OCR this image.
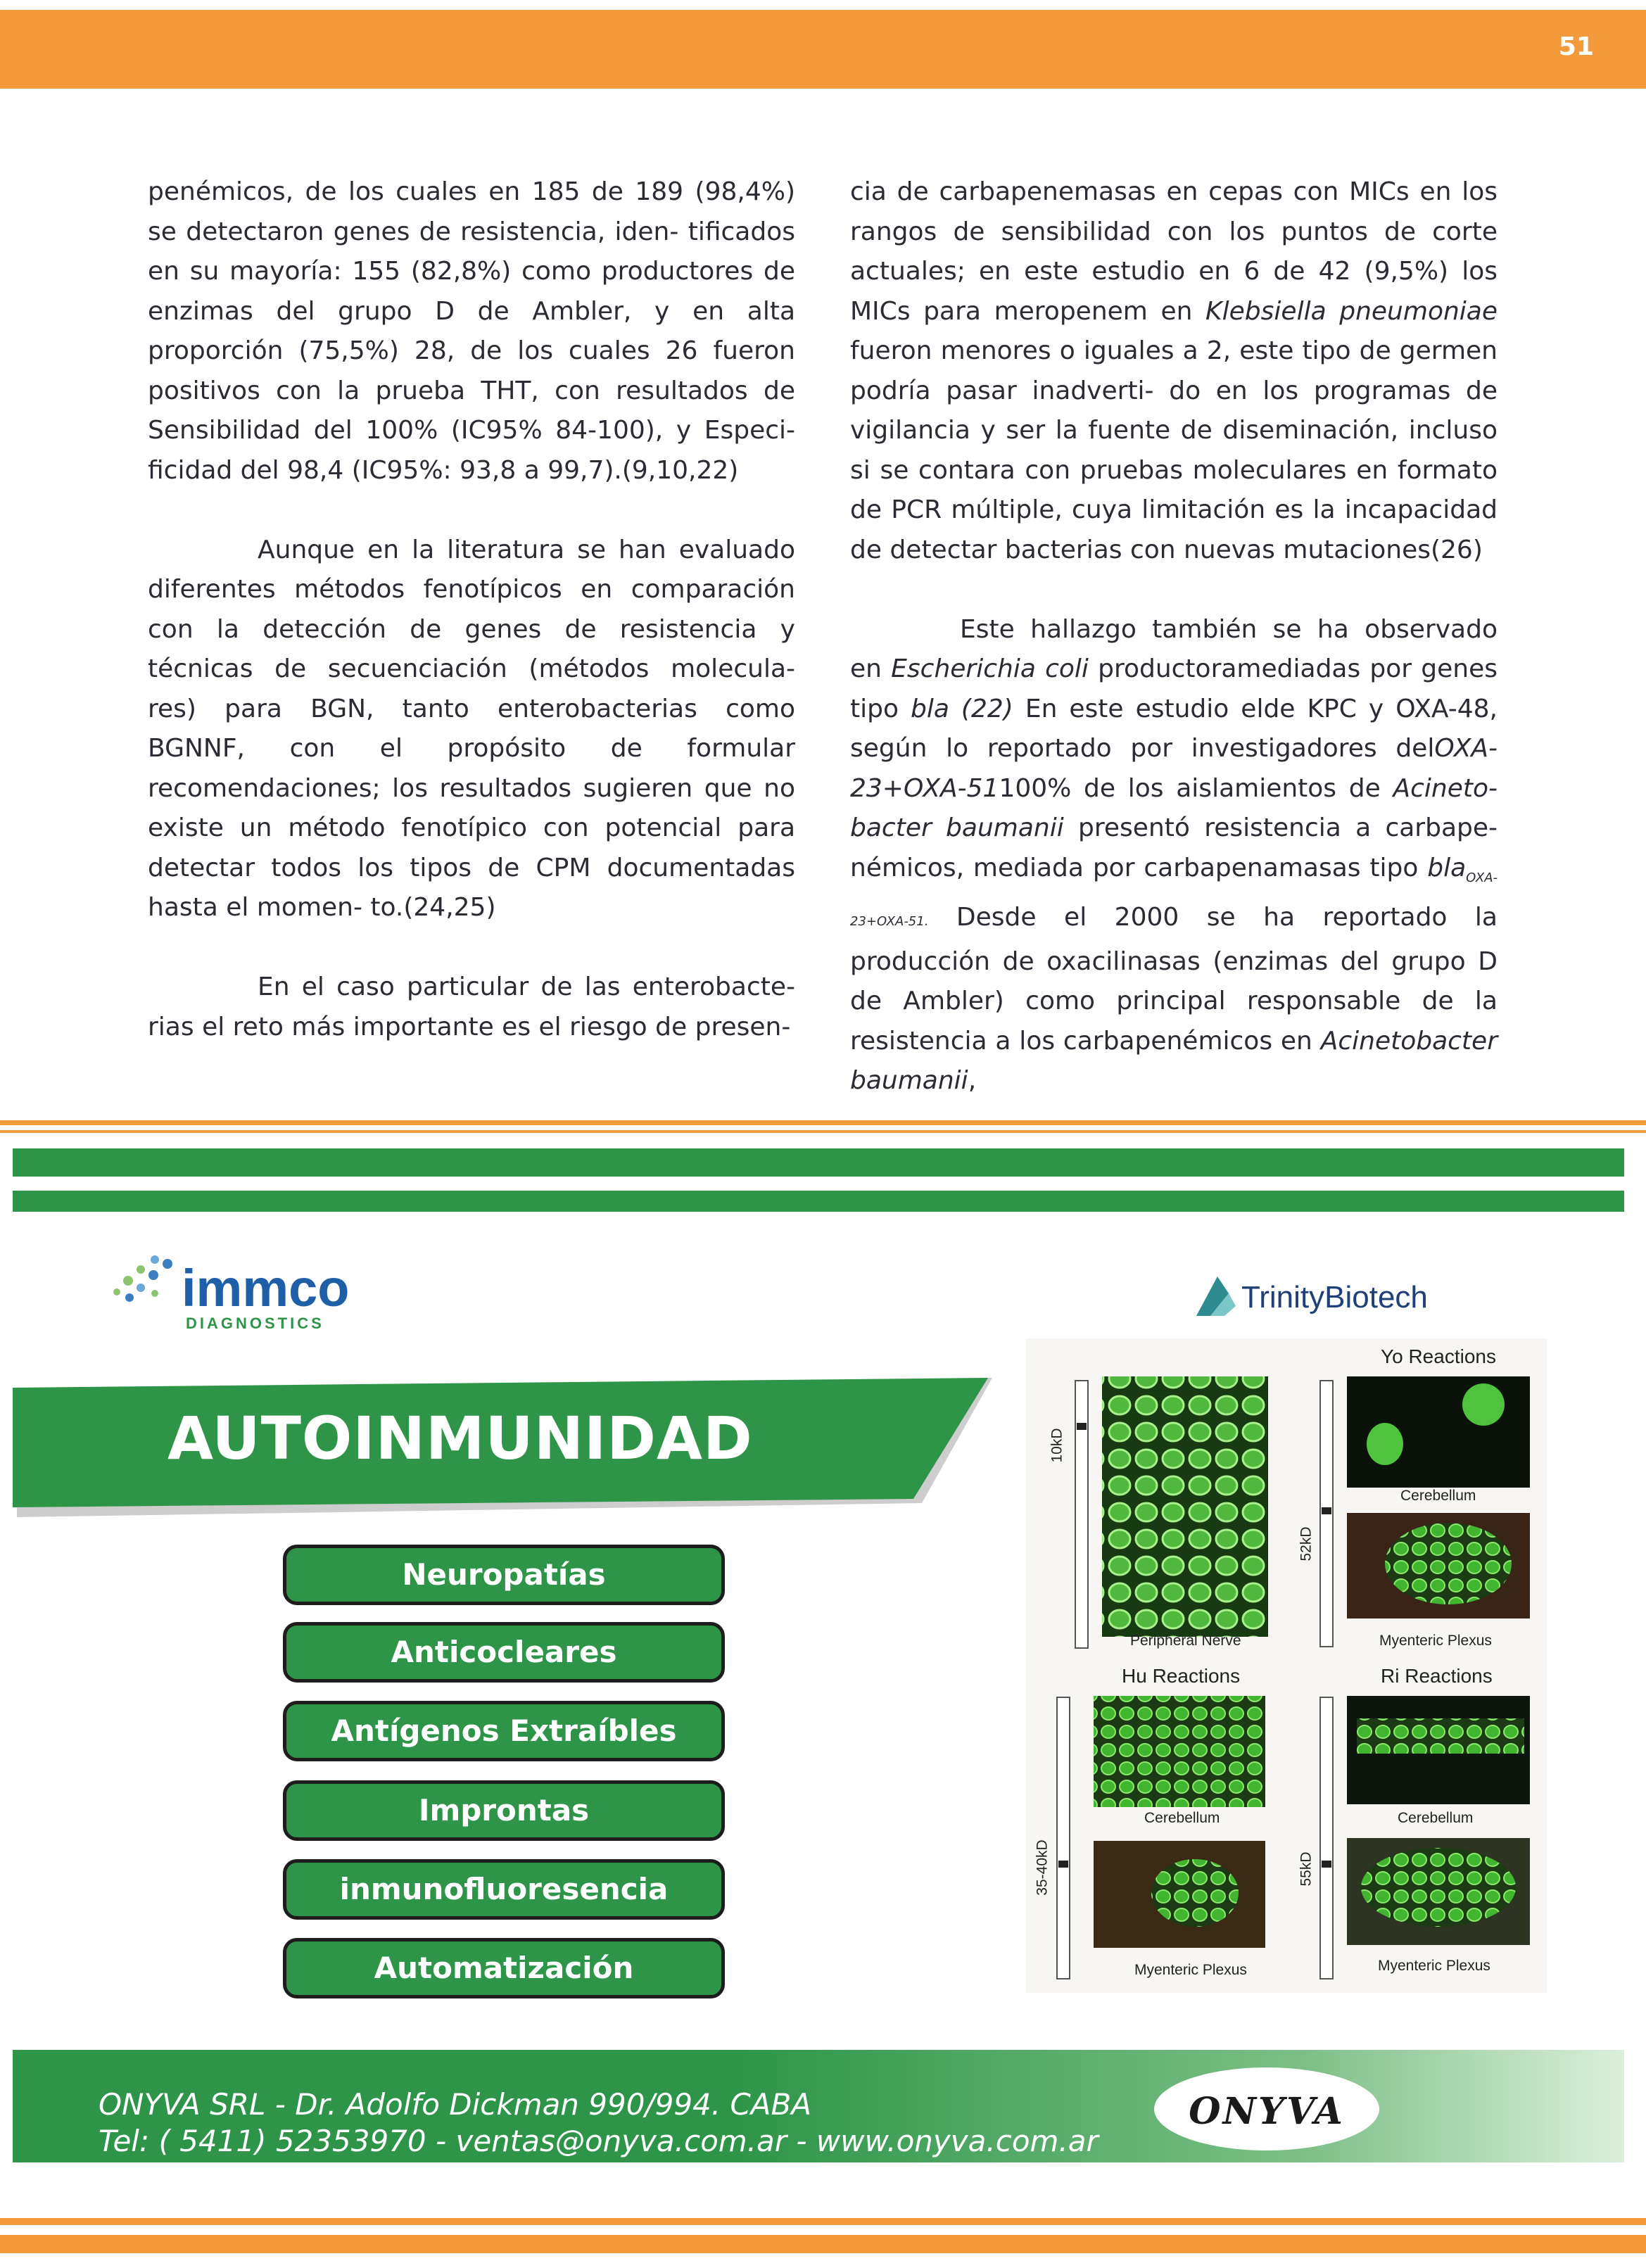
51

penémicos, de los cuales en 185 de 189 (98,4%) se detectaron genes de resistencia, iden- tificados en su mayoría: 155 (82,8%) como productores de enzimas del grupo D de Ambler, y en alta proporción (75,5%) 28, de los cuales 26 fueron positivos con la prueba THT, con resultados de Sensibilidad del 100% (IC95% 84-100), y Especi- ficidad del 98,4 (IC95%: 93,8 a 99,7).(9,10,22)

Aunque en la literatura se han evaluado diferentes métodos fenotípicos en comparación con la detección de genes de resistencia y técnicas de secuenciación (métodos molecula- res) para BGN, tanto enterobacterias como BGNNF, con el propósito de formular recomendaciones; los resultados sugieren que no existe un método fenotípico con potencial para detectar todos los tipos de CPM documentadas hasta el momen- to.(24,25)

En el caso particular de las enterobacte- rias el reto más importante es el riesgo de presen-

cia de carbapenemasas en cepas con MICs en los rangos de sensibilidad con los puntos de corte actuales; en este estudio en 6 de 42 (9,5%) los MICs para meropenem en Klebsiella pneumoniae fueron menores o iguales a 2, este tipo de germen podría pasar inadverti- do en los programas de vigilancia y ser la fuente de diseminación, incluso si se contara con pruebas moleculares en formato de PCR múltiple, cuya limitación es la incapacidad de detectar bacterias con nuevas mutaciones(26)

Este hallazgo también se ha observado en Escherichia coli productoramediadas por genes tipo bla (22) En este estudio elde KPC y OXA-48, según lo reportado por investigadores delOXA-23+OXA-51100% de los aislamientos de Acineto- bacter baumanii presentó resistencia a carbape- némicos, mediada por carbapenamasas tipo bla$_{OXA-}$ 23+OXA-51. Desde el 2000 se ha reportado la producción de oxacilinasas (enzimas del grupo D de Ambler) como principal responsable de la resistencia a los carbapenémicos en Acinetobacter baumanii,

immco
DIAGNOSTICS
TrinityBiotech
AUTOINMUNIDAD
Neuropatías
Anticocleares
Antígenos Extraíbles
Improntas
inmunofluoresencia
Automatización
Yo Reactions
Hu Reactions	Ri Reactions
Peripheral Nerve
Cerebellum
Myenteric Plexus
Cerebellum
Myenteric Plexus
Cerebellum
Myenteric Plexus
10kD
52kD
35-40kD	55kD
ONYVA SRL - Dr. Adolfo Dickman 990/994. CABA
Tel: ( 5411) 52353970 - ventas@onyva.com.ar - www.onyva.com.ar
ONYVA
